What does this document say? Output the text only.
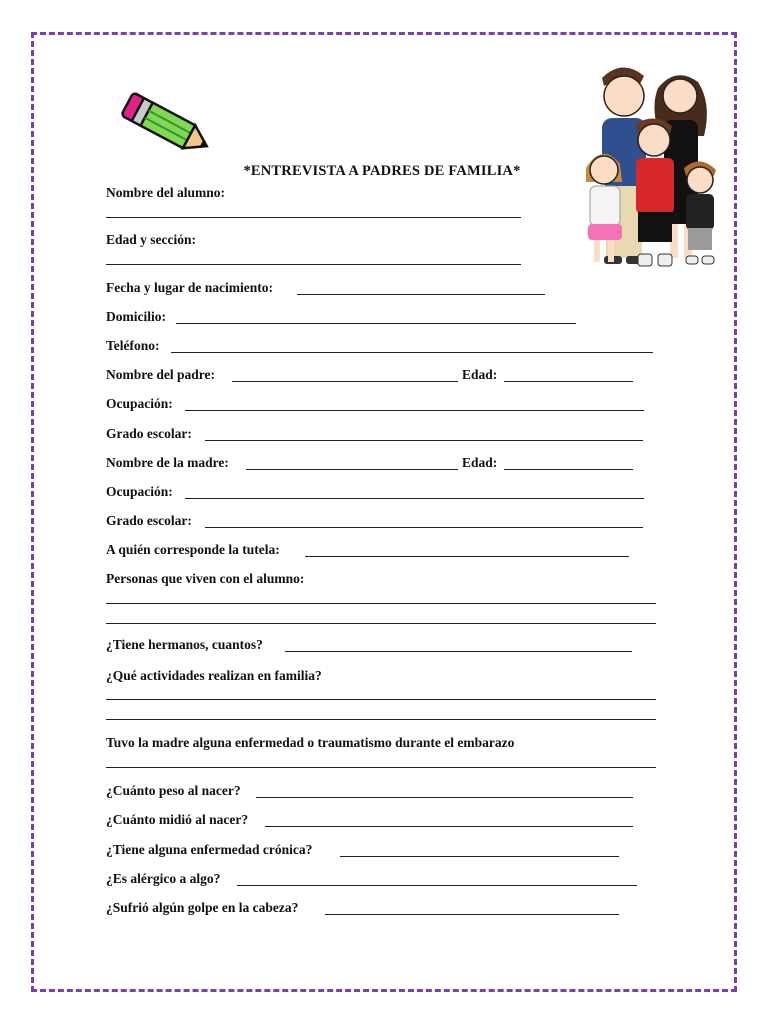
*ENTREVISTA A PADRES DE FAMILIA*
Nombre del alumno:
Edad y sección:
Fecha y lugar de nacimiento:
Domicilio:
Teléfono:
Nombre del padre:	Edad:
Ocupación:
Grado escolar:
Nombre de la madre:	Edad:
Ocupación:
Grado escolar:
A quién corresponde la tutela:
Personas que viven con el alumno:
¿Tiene hermanos, cuantos?
¿Qué actividades realizan en familia?
Tuvo la madre alguna enfermedad o traumatismo durante el embarazo
¿Cuánto peso al nacer?
¿Cuánto midió al nacer?
¿Tiene alguna enfermedad crónica?
¿Es alérgico a algo?
¿Sufrió algún golpe en la cabeza?
